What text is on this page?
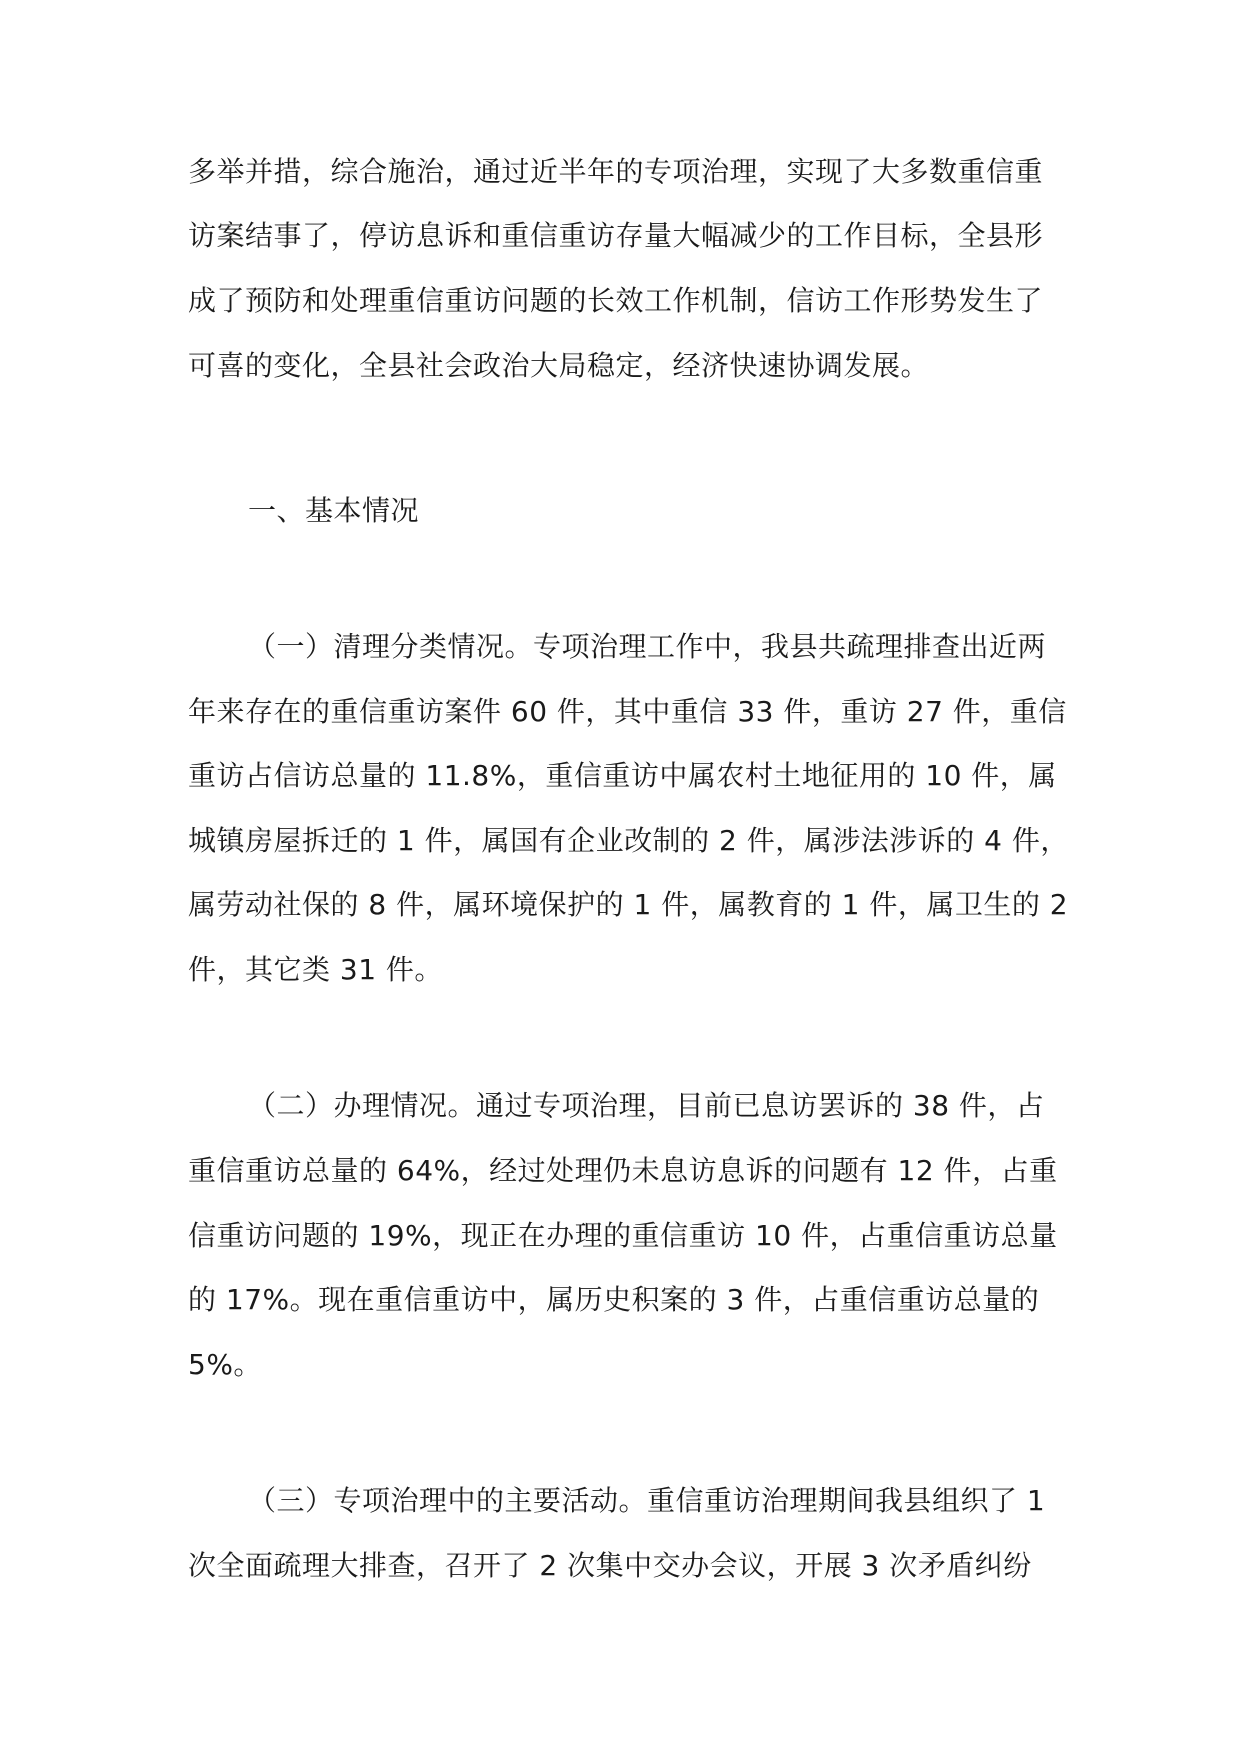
多举并措，综合施治，通过近半年的专项治理，实现了大多数重信重
访案结事了，停访息诉和重信重访存量大幅减少的工作目标，全县形
成了预防和处理重信重访问题的长效工作机制，信访工作形势发生了
可喜的变化，全县社会政治大局稳定，经济快速协调发展。
一、基本情况
（一）清理分类情况。专项治理工作中，我县共疏理排查出近两
年来存在的重信重访案件 60 件，其中重信 33 件，重访 27 件，重信
重访占信访总量的 11.8%，重信重访中属农村土地征用的 10 件，属
城镇房屋拆迁的 1 件，属国有企业改制的 2 件，属涉法涉诉的 4 件，
属劳动社保的 8 件，属环境保护的 1 件，属教育的 1 件，属卫生的 2
件，其它类 31 件。
（二）办理情况。通过专项治理，目前已息访罢诉的 38 件，占
重信重访总量的 64%，经过处理仍未息访息诉的问题有 12 件，占重
信重访问题的 19%，现正在办理的重信重访 10 件，占重信重访总量
的 17%。现在重信重访中，属历史积案的 3 件，占重信重访总量的
5%。
（三）专项治理中的主要活动。重信重访治理期间我县组织了 1
次全面疏理大排查，召开了 2 次集中交办会议，开展 3 次矛盾纠纷
